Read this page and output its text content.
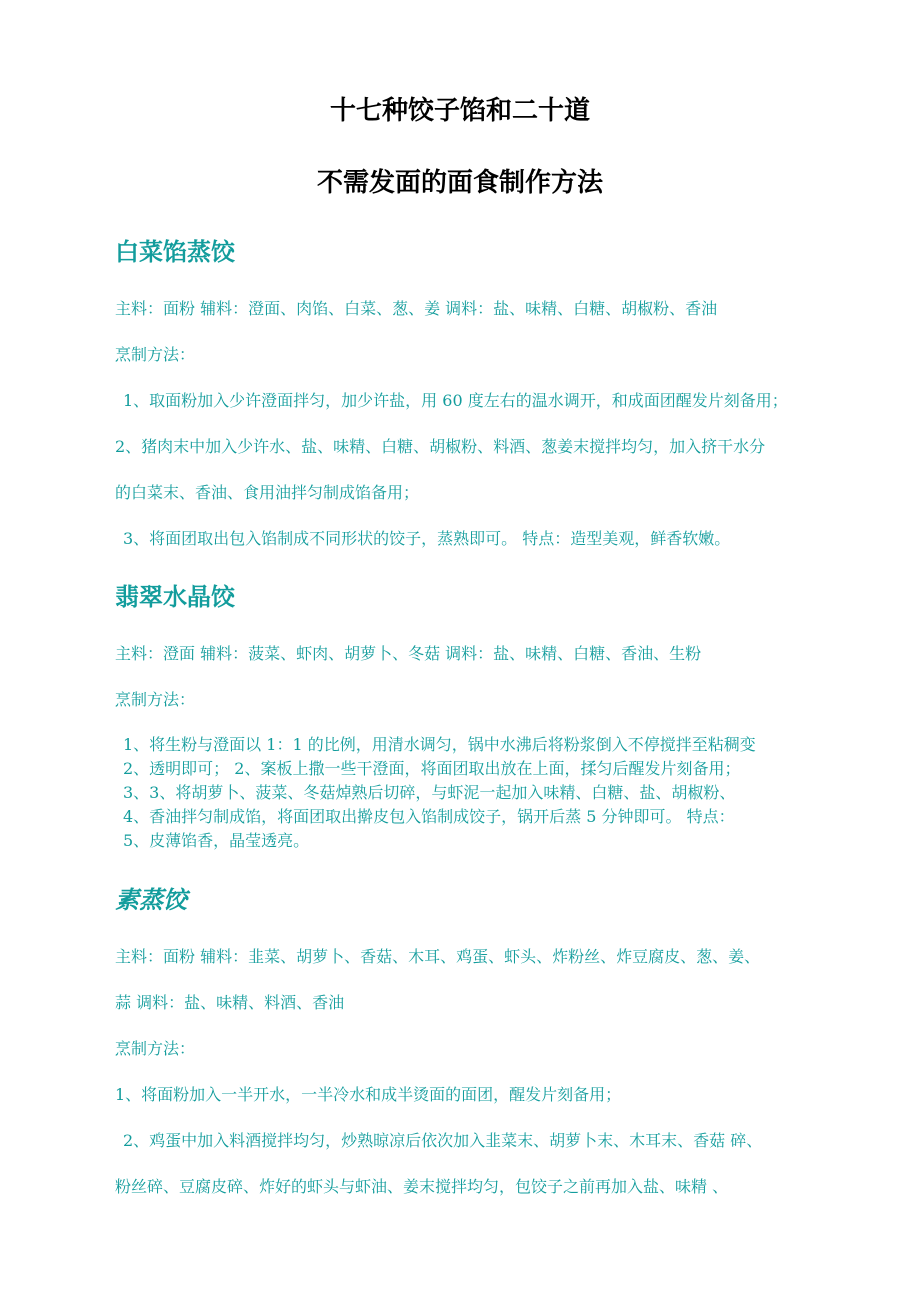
十七种饺子馅和二十道
不需发面的面食制作方法
白菜馅蒸饺

主料：面粉 辅料：澄面、肉馅、白菜、葱、姜 调料：盐、味精、白糖、胡椒粉、香油

烹制方法：

1、取面粉加入少许澄面拌匀，加少许盐，用 60 度左右的温水调开，和成面团醒发片刻备用；

2、猪肉末中加入少许水、盐、味精、白糖、胡椒粉、料酒、葱姜末搅拌均匀，加入挤干水分

的白菜末、香油、食用油拌匀制成馅备用；

3、将面团取出包入馅制成不同形状的饺子，蒸熟即可。 特点：造型美观，鲜香软嫩。

翡翠水晶饺

主料：澄面 辅料：菠菜、虾肉、胡萝卜、冬菇 调料：盐、味精、白糖、香油、生粉

烹制方法：

1、将生粉与澄面以 1：1 的比例，用清水调匀，锅中水沸后将粉浆倒入不停搅拌至粘稠变

2、透明即可； 2、案板上撒一些干澄面，将面团取出放在上面，揉匀后醒发片刻备用；

3、3、将胡萝卜、菠菜、冬菇焯熟后切碎，与虾泥一起加入味精、白糖、盐、胡椒粉、

4、香油拌匀制成馅，将面团取出擀皮包入馅制成饺子，锅开后蒸 5 分钟即可。 特点：

5、皮薄馅香，晶莹透亮。

素蒸饺

主料：面粉 辅料：韭菜、胡萝卜、香菇、木耳、鸡蛋、虾头、炸粉丝、炸豆腐皮、葱、姜、

蒜 调料：盐、味精、料酒、香油

烹制方法：

1、将面粉加入一半开水，一半冷水和成半烫面的面团，醒发片刻备用；

2、鸡蛋中加入料酒搅拌均匀，炒熟晾凉后依次加入韭菜末、胡萝卜末、木耳末、香菇 碎、

粉丝碎、豆腐皮碎、炸好的虾头与虾油、姜末搅拌均匀，包饺子之前再加入盐、味精 、
